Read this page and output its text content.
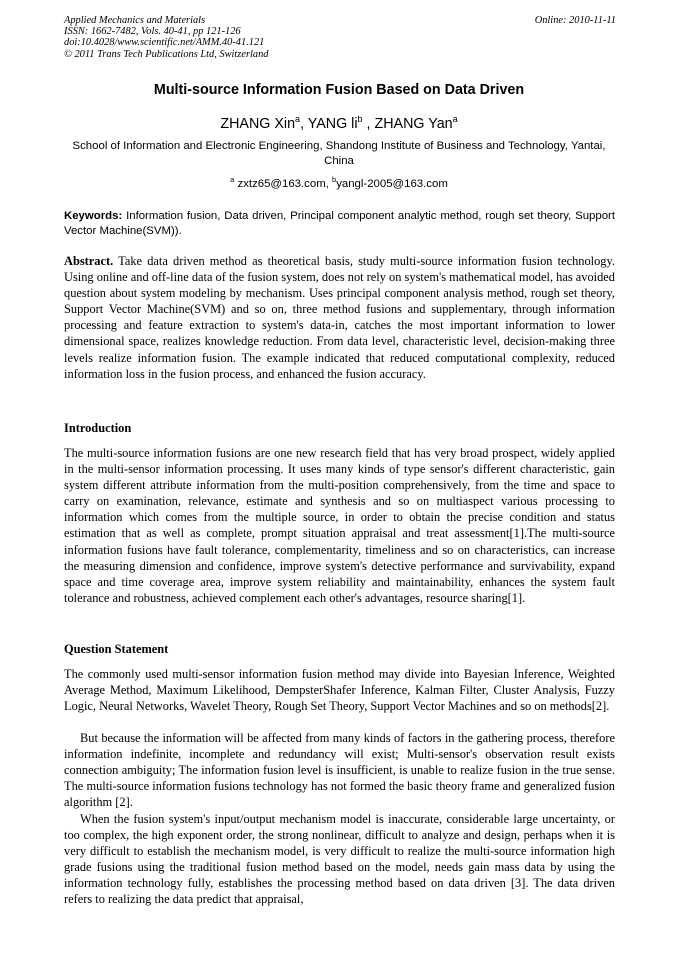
Applied Mechanics and Materials
ISSN: 1662-7482, Vols. 40-41, pp 121-126
doi:10.4028/www.scientific.net/AMM.40-41.121
© 2011 Trans Tech Publications Ltd, Switzerland
Online: 2010-11-11
Multi-source Information Fusion Based on Data Driven
ZHANG Xin$^a$, YANG $li^b$ , ZHANG Yan$^a$
School of Information and Electronic Engineering, Shandong Institute of Business and Technology, Yantai, China
$^a$ zxtz65@163.com, $^b$yangl-2005@163.com
Keywords: Information fusion, Data driven, Principal component analytic method, rough set theory, Support Vector Machine(SVM)).
Abstract. Take data driven method as theoretical basis, study multi-source information fusion technology. Using online and off-line data of the fusion system, does not rely on system's mathematical model, has avoided question about system modeling by mechanism. Uses principal component analysis method, rough set theory, Support Vector Machine(SVM) and so on, three method fusions and supplementary, through information processing and feature extraction to system's data-in, catches the most important information to lower dimensional space, realizes knowledge reduction. From data level, characteristic level, decision-making three levels realize information fusion. The example indicated that reduced computational complexity, reduced information loss in the fusion process, and enhanced the fusion accuracy.
Introduction

The multi-source information fusions are one new research field that has very broad prospect, widely applied in the multi-sensor information processing. It uses many kinds of type sensor's different characteristic, gain system different attribute information from the multi-position comprehensively, from the time and space to carry on examination, relevance, estimate and synthesis and so on multiaspect various processing to information which comes from the multiple source, in order to obtain the precise condition and status estimation that as well as complete, prompt situation appraisal and treat assessment[1].The multi-source information fusions have fault tolerance, complementarity, timeliness and so on characteristics, can increase the measuring dimension and confidence, improve system's detective performance and survivability, expand space and time coverage area, improve system reliability and maintainability, enhances the system fault tolerance and robustness, achieved complement each other's advantages, resource sharing[1].

Question Statement

The commonly used multi-sensor information fusion method may divide into Bayesian Inference, Weighted Average Method, Maximum Likelihood, DempsterShafer Inference, Kalman Filter, Cluster Analysis, Fuzzy Logic, Neural Networks, Wavelet Theory, Rough Set Theory, Support Vector Machines and so on methods[2].

But because the information will be affected from many kinds of factors in the gathering process, therefore information indefinite, incomplete and redundancy will exist; Multi-sensor's observation result exists connection ambiguity; The information fusion level is insufficient, is unable to realize fusion in the true sense. The multi-source information fusions technology has not formed the basic theory frame and generalized fusion algorithm [2].

When the fusion system's input/output mechanism model is inaccurate, considerable large uncertainty, or too complex, the high exponent order, the strong nonlinear, difficult to analyze and design, perhaps when it is very difficult to establish the mechanism model, is very difficult to realize the multi-source information high grade fusions using the traditional fusion method based on the model, needs gain mass data by using the information technology fully, establishes the processing method based on data driven [3]. The data driven refers to realizing the data predict that appraisal,
